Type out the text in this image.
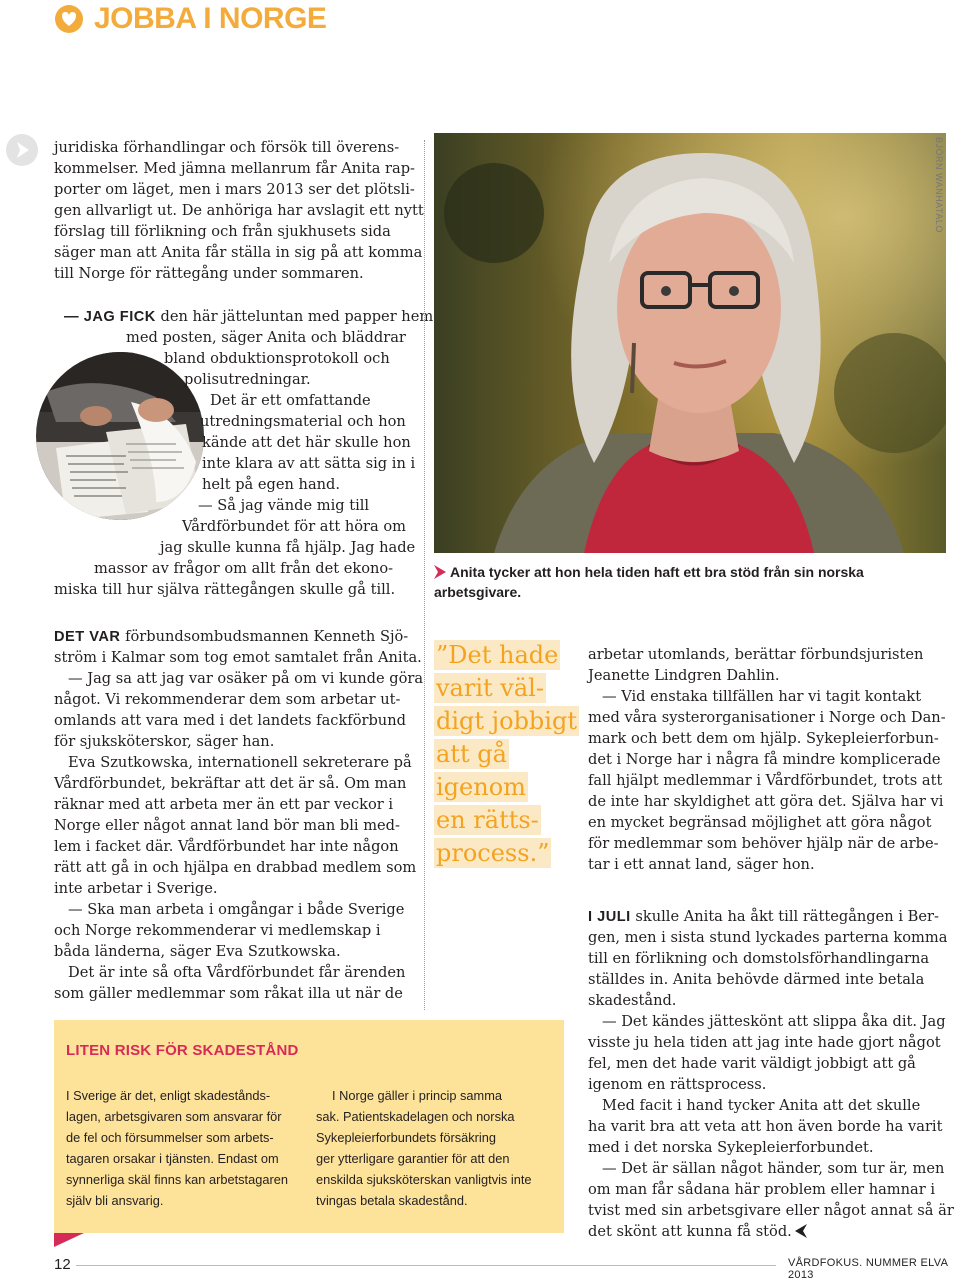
JOBBA I NORGE
juridiska förhandlingar och försök till överens-
kommelser. Med jämna mellanrum får Anita rap-
porter om läget, men i mars 2013 ser det plötsli-
gen allvarligt ut. De anhöriga har avslagit ett nytt
förslag till förlikning och från sjukhusets sida
säger man att Anita får ställa in sig på att komma
till Norge för rättegång under sommaren.
— JAG FICK den här jätteluntan med papper hem
med posten, säger Anita och bläddrar
bland obduktionsprotokoll och
polisutredningar.
Det är ett omfattande
utredningsmaterial och hon
kände att det här skulle hon
inte klara av att sätta sig in i
helt på egen hand.
— Så jag vände mig till
Vårdförbundet för att höra om
jag skulle kunna få hjälp. Jag hade
massor av frågor om allt från det ekono-
miska till hur själva rättegången skulle gå till.
BJÖRN WANHATALO
Anita tycker att hon hela tiden haft ett bra stöd från sin norska arbetsgivare.
DET VAR förbundsombudsmannen Kenneth Sjö-
ström i Kalmar som tog emot samtalet från Anita.
— Jag sa att jag var osäker på om vi kunde göra
något. Vi rekommenderar dem som arbetar ut-
omlands att vara med i det landets fackförbund
för sjuksköterskor, säger han.
Eva Szutkowska, internationell sekreterare på
Vårdförbundet, bekräftar att det är så. Om man
räknar med att arbeta mer än ett par veckor i
Norge eller något annat land bör man bli med-
lem i facket där. Vårdförbundet har inte någon
rätt att gå in och hjälpa en drabbad medlem som
inte arbetar i Sverige.
— Ska man arbeta i omgångar i både Sverige
och Norge rekommenderar vi medlemskap i
båda länderna, säger Eva Szutkowska.
Det är inte så ofta Vårdförbundet får ärenden
som gäller medlemmar som råkat illa ut när de
”Det hade
varit väl-
digt jobbigt
att gå
igenom
en rätts-
process.”
arbetar utomlands, berättar förbundsjuristen
Jeanette Lindgren Dahlin.
— Vid enstaka tillfällen har vi tagit kontakt
med våra systerorganisationer i Norge och Dan-
mark och bett dem om hjälp. Sykepleierforbun-
det i Norge har i några få mindre komplicerade
fall hjälpt medlemmar i Vårdförbundet, trots att
de inte har skyldighet att göra det. Själva har vi
en mycket begränsad möjlighet att göra något
för medlemmar som behöver hjälp när de arbe-
tar i ett annat land, säger hon.
I JULI skulle Anita ha åkt till rättegången i Ber-
gen, men i sista stund lyckades parterna komma
till en förlikning och domstolsförhandlingarna
ställdes in. Anita behövde därmed inte betala
skadestånd.
— Det kändes jätteskönt att slippa åka dit. Jag
visste ju hela tiden att jag inte hade gjort något
fel, men det hade varit väldigt jobbigt att gå
igenom en rättsprocess.
Med facit i hand tycker Anita att det skulle
ha varit bra att veta att hon även borde ha varit
med i det norska Sykepleierforbundet.
— Det är sällan något händer, som tur är, men
om man får sådana här problem eller hamnar i
tvist med sin arbetsgivare eller något annat så är
det skönt att kunna få stöd.
LITEN RISK FÖR SKADESTÅND
I Sverige är det, enligt skadestånds-
lagen, arbetsgivaren som ansvarar för
de fel och försummelser som arbets-
tagaren orsakar i tjänsten. Endast om
synnerliga skäl finns kan arbetstagaren
själv bli ansvarig.
I Norge gäller i princip samma
sak. Patientskadelagen och norska
Sykepleierforbundets försäkring
ger ytterligare garantier för att den
enskilda sjuksköterskan vanligtvis inte
tvingas betala skadestånd.
12	VÅRDFOKUS. NUMMER ELVA 2013
